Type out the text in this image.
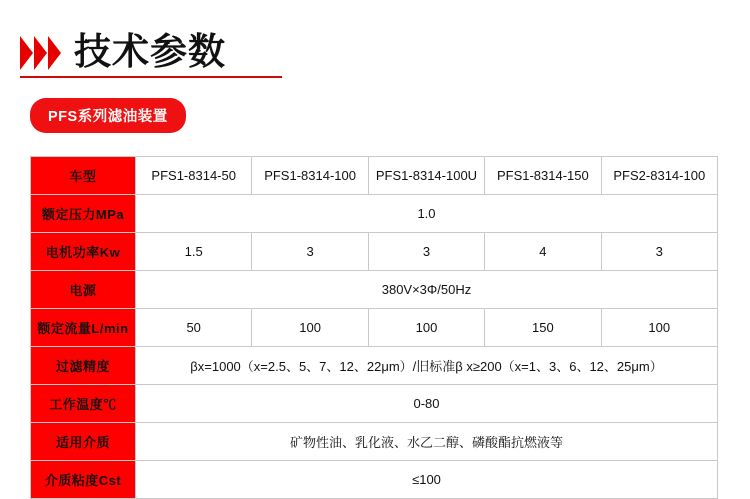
技术参数
PFS系列滤油装置
车型	PFS1-8314-50	PFS1-8314-100	PFS1-8314-100U	PFS1-8314-150	PFS2-8314-100
额定压力MPa	1.0				
电机功率Kw	1.5	3	3	4	3
电源	380V×3Φ/50Hz				
额定流量L/min	50	100	100	150	100
过滤精度	βx=1000（x=2.5、5、7、12、22μm）/旧标准β x≥200（x=1、3、6、12、25μm）				
工作温度℃	0-80				
适用介质	矿物性油、乳化液、水乙二醇、磷酸酯抗燃液等				
介质粘度Cst	≤100				
